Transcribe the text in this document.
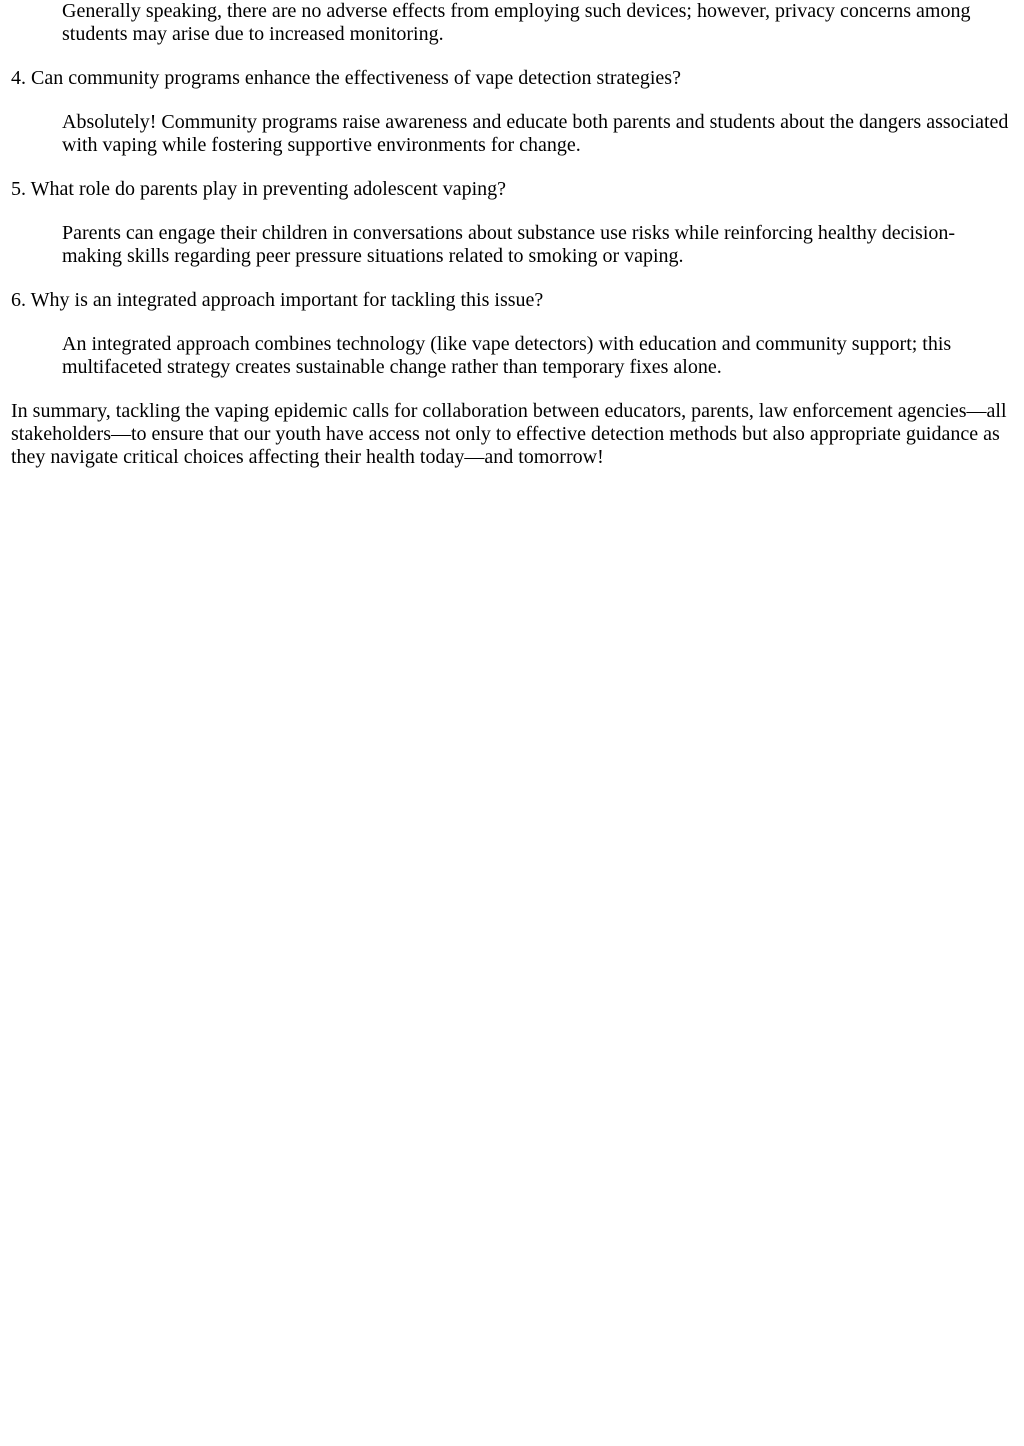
Generally speaking, there are no adverse effects from employing such devices; however, privacy concerns among students may arise due to increased monitoring.

4. Can community programs enhance the effectiveness of vape detection strategies?

Absolutely! Community programs raise awareness and educate both parents and students about the dangers associated with vaping while fostering supportive environments for change.

5. What role do parents play in preventing adolescent vaping?

Parents can engage their children in conversations about substance use risks while reinforcing healthy decision-making skills regarding peer pressure situations related to smoking or vaping.

6. Why is an integrated approach important for tackling this issue?

An integrated approach combines technology (like vape detectors) with education and community support; this multifaceted strategy creates sustainable change rather than temporary fixes alone.

In summary, tackling the vaping epidemic calls for collaboration between educators, parents, law enforcement agencies—all stakeholders—to ensure that our youth have access not only to effective detection methods but also appropriate guidance as they navigate critical choices affecting their health today—and tomorrow!
